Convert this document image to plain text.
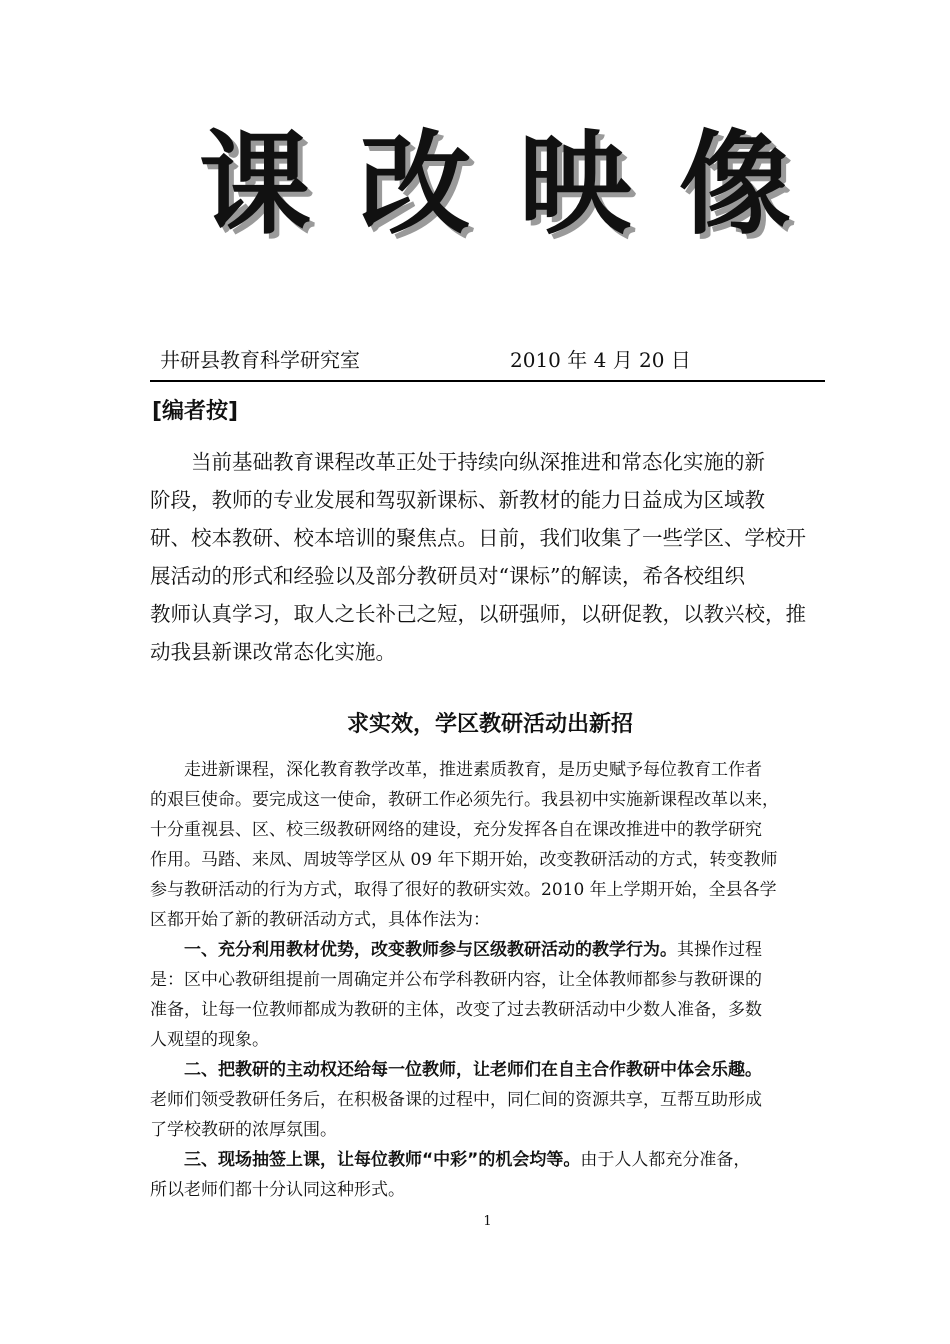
课 改 映 像
井研县教育科学研究室	2010 年 4 月 20 日
[编者按]

当前基础教育课程改革正处于持续向纵深推进和常态化实施的新
阶段，教师的专业发展和驾驭新课标、新教材的能力日益成为区域教
研、校本教研、校本培训的聚焦点。日前，我们收集了一些学区、学校开
展活动的形式和经验以及部分教研员对“课标”的解读，希各校组织
教师认真学习，取人之长补己之短，以研强师，以研促教，以教兴校，推
动我县新课改常态化实施。

求实效，学区教研活动出新招
走进新课程，深化教育教学改革，推进素质教育，是历史赋予每位教育工作者
的艰巨使命。要完成这一使命，教研工作必须先行。我县初中实施新课程改革以来，
十分重视县、区、校三级教研网络的建设，充分发挥各自在课改推进中的教学研究
作用。马踏、来凤、周坡等学区从 09 年下期开始，改变教研活动的方式，转变教师
参与教研活动的行为方式，取得了很好的教研实效。2010 年上学期开始，全县各学
区都开始了新的教研活动方式，具体作法为：
一、充分利用教材优势，改变教师参与区级教研活动的教学行为。其操作过程
是：区中心教研组提前一周确定并公布学科教研内容，让全体教师都参与教研课的
准备，让每一位教师都成为教研的主体，改变了过去教研活动中少数人准备，多数
人观望的现象。
二、把教研的主动权还给每一位教师，让老师们在自主合作教研中体会乐趣。
老师们领受教研任务后，在积极备课的过程中，同仁间的资源共享，互帮互助形成
了学校教研的浓厚氛围。
三、现场抽签上课，让每位教师“中彩”的机会均等。由于人人都充分准备，
所以老师们都十分认同这种形式。
1
